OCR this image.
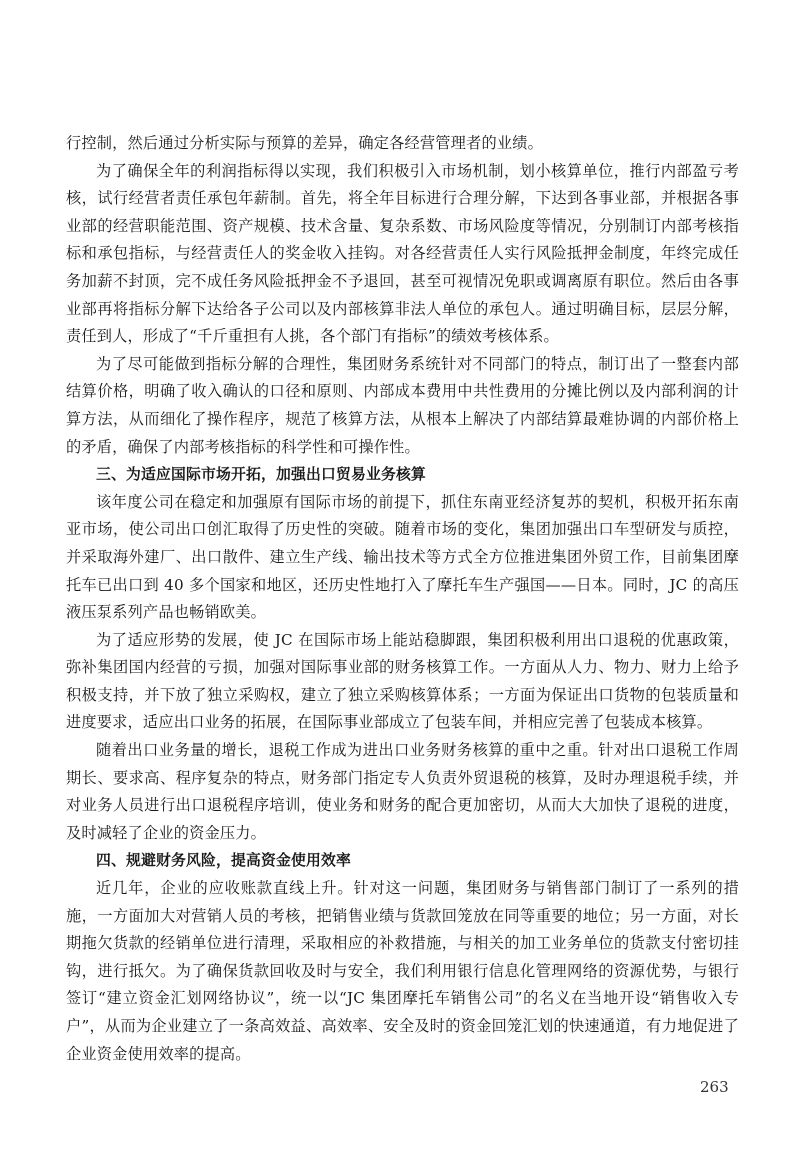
行控制，然后通过分析实际与预算的差异，确定各经营管理者的业绩。

为了确保全年的利润指标得以实现，我们积极引入市场机制，划小核算单位，推行内部盈亏考核，试行经营者责任承包年薪制。首先，将全年目标进行合理分解，下达到各事业部，并根据各事业部的经营职能范围、资产规模、技术含量、复杂系数、市场风险度等情况，分别制订内部考核指标和承包指标，与经营责任人的奖金收入挂钩。对各经营责任人实行风险抵押金制度，年终完成任务加薪不封顶，完不成任务风险抵押金不予退回，甚至可视情况免职或调离原有职位。然后由各事业部再将指标分解下达给各子公司以及内部核算非法人单位的承包人。通过明确目标，层层分解，责任到人，形成了“千斤重担有人挑，各个部门有指标”的绩效考核体系。

为了尽可能做到指标分解的合理性，集团财务系统针对不同部门的特点，制订出了一整套内部结算价格，明确了收入确认的口径和原则、内部成本费用中共性费用的分摊比例以及内部利润的计算方法，从而细化了操作程序，规范了核算方法，从根本上解决了内部结算最难协调的内部价格上的矛盾，确保了内部考核指标的科学性和可操作性。

三、为适应国际市场开拓，加强出口贸易业务核算

该年度公司在稳定和加强原有国际市场的前提下，抓住东南亚经济复苏的契机，积极开拓东南亚市场，使公司出口创汇取得了历史性的突破。随着市场的变化，集团加强出口车型研发与质控，并采取海外建厂、出口散件、建立生产线、输出技术等方式全方位推进集团外贸工作，目前集团摩托车已出口到 40 多个国家和地区，还历史性地打入了摩托车生产强国——日本。同时，JC 的高压液压泵系列产品也畅销欧美。

为了适应形势的发展，使 JC 在国际市场上能站稳脚跟，集团积极利用出口退税的优惠政策，弥补集团国内经营的亏损，加强对国际事业部的财务核算工作。一方面从人力、物力、财力上给予积极支持，并下放了独立采购权，建立了独立采购核算体系；一方面为保证出口货物的包装质量和进度要求，适应出口业务的拓展，在国际事业部成立了包装车间，并相应完善了包装成本核算。

随着出口业务量的增长，退税工作成为进出口业务财务核算的重中之重。针对出口退税工作周期长、要求高、程序复杂的特点，财务部门指定专人负责外贸退税的核算，及时办理退税手续，并对业务人员进行出口退税程序培训，使业务和财务的配合更加密切，从而大大加快了退税的进度，及时减轻了企业的资金压力。

四、规避财务风险，提高资金使用效率

近几年，企业的应收账款直线上升。针对这一问题，集团财务与销售部门制订了一系列的措施，一方面加大对营销人员的考核，把销售业绩与货款回笼放在同等重要的地位；另一方面，对长期拖欠货款的经销单位进行清理，采取相应的补救措施，与相关的加工业务单位的货款支付密切挂钩，进行抵欠。为了确保货款回收及时与安全，我们利用银行信息化管理网络的资源优势，与银行签订“建立资金汇划网络协议”，统一以“JC 集团摩托车销售公司”的名义在当地开设“销售收入专户”，从而为企业建立了一条高效益、高效率、安全及时的资金回笼汇划的快速通道，有力地促进了企业资金使用效率的提高。

263
